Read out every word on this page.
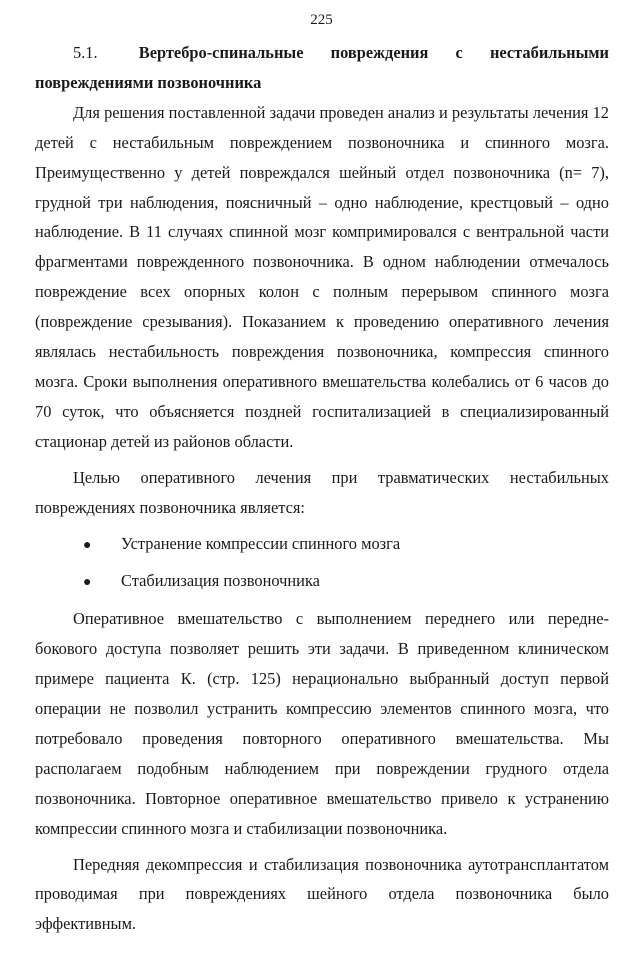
225
5.1.	Вертебро-спинальные повреждения с нестабильными
повреждениями позвоночника

Для решения поставленной задачи проведен анализ и результаты лечения 12 детей с нестабильным повреждением позвоночника и спинного мозга. Преимущественно у детей повреждался шейный отдел позвоночника (n= 7), грудной три наблюдения, поясничный – одно наблюдение, крестцовый – одно наблюдение. В 11 случаях спинной мозг компримировался с вентральной части фрагментами поврежденного позвоночника. В одном наблюдении отмечалось повреждение всех опорных колон с полным перерывом спинного мозга (повреждение срезывания). Показанием к проведению оперативного лечения являлась нестабильность повреждения позвоночника, компрессия спинного мозга. Сроки выполнения оперативного вмешательства колебались от 6 часов до 70 суток, что объясняется поздней госпитализацией в специализированный стационар детей из районов области.

Целью оперативного лечения при травматических нестабильных повреждениях позвоночника является:

●	Устранение компрессии спинного мозга
●	Стабилизация позвоночника

Оперативное вмешательство с выполнением переднего или передне-бокового доступа позволяет решить эти задачи. В приведенном клиническом примере пациента К. (стр. 125) нерационально выбранный доступ первой операции не позволил устранить компрессию элементов спинного мозга, что потребовало проведения повторного оперативного вмешательства. Мы располагаем подобным наблюдением при повреждении грудного отдела позвоночника. Повторное оперативное вмешательство привело к устранению компрессии спинного мозга и стабилизации позвоночника.

Передняя декомпрессия и стабилизация позвоночника аутотрансплантатом проводимая при повреждениях шейного отдела позвоночника было эффективным.
